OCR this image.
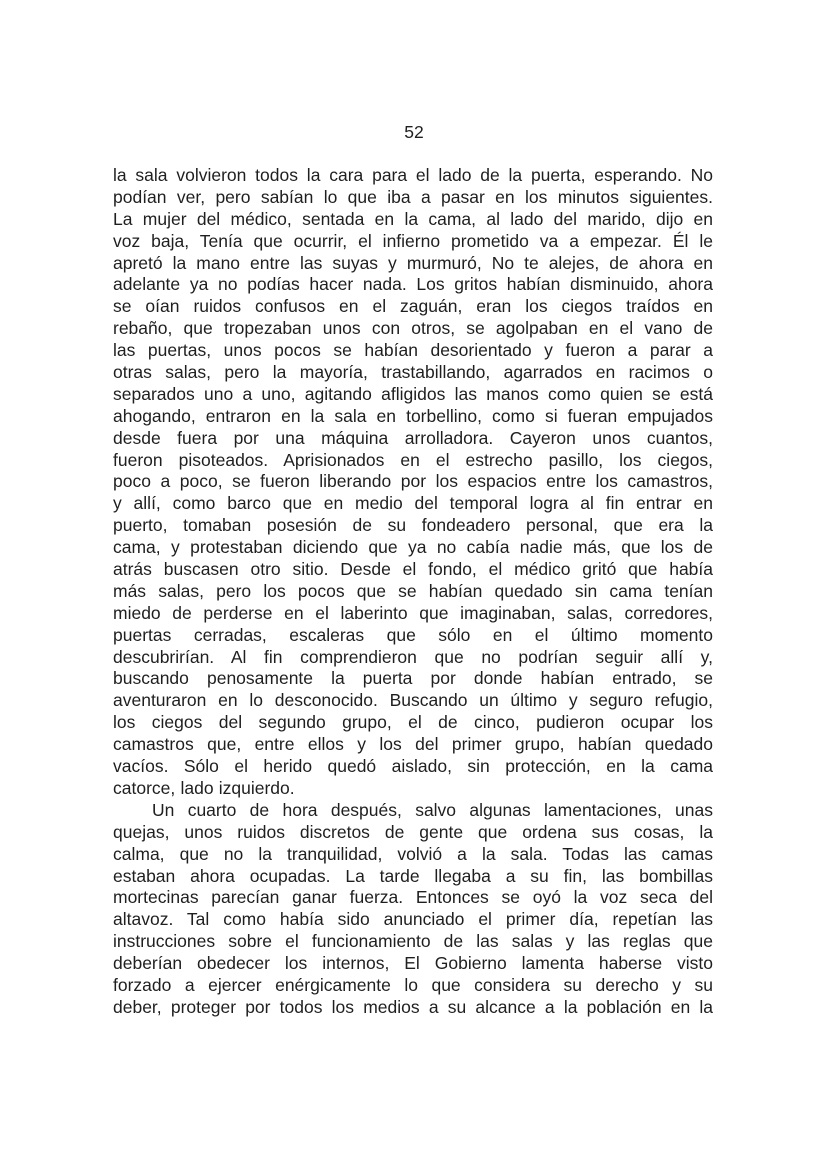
52
la sala volvieron todos la cara para el lado de la puerta, esperando. No
podían ver, pero sabían lo que iba a pasar en los minutos siguientes.
La mujer del médico, sentada en la cama, al lado del marido, dijo en
voz baja, Tenía que ocurrir, el infierno prometido va a empezar. Él le
apretó la mano entre las suyas y murmuró, No te alejes, de ahora en
adelante ya no podías hacer nada. Los gritos habían disminuido, ahora
se oían ruidos confusos en el zaguán, eran los ciegos traídos en
rebaño, que tropezaban unos con otros, se agolpaban en el vano de
las puertas, unos pocos se habían desorientado y fueron a parar a
otras salas, pero la mayoría, trastabillando, agarrados en racimos o
separados uno a uno, agitando afligidos las manos como quien se está
ahogando, entraron en la sala en torbellino, como si fueran empujados
desde fuera por una máquina arrolladora. Cayeron unos cuantos,
fueron pisoteados. Aprisionados en el estrecho pasillo, los ciegos,
poco a poco, se fueron liberando por los espacios entre los camastros,
y allí, como barco que en medio del temporal logra al fin entrar en
puerto, tomaban posesión de su fondeadero personal, que era la
cama, y protestaban diciendo que ya no cabía nadie más, que los de
atrás buscasen otro sitio. Desde el fondo, el médico gritó que había
más salas, pero los pocos que se habían quedado sin cama tenían
miedo de perderse en el laberinto que imaginaban, salas, corredores,
puertas cerradas, escaleras que sólo en el último momento
descubrirían. Al fin comprendieron que no podrían seguir allí y,
buscando penosamente la puerta por donde habían entrado, se
aventuraron en lo desconocido. Buscando un último y seguro refugio,
los ciegos del segundo grupo, el de cinco, pudieron ocupar los
camastros que, entre ellos y los del primer grupo, habían quedado
vacíos. Sólo el herido quedó aislado, sin protección, en la cama
catorce, lado izquierdo.
Un cuarto de hora después, salvo algunas lamentaciones, unas
quejas, unos ruidos discretos de gente que ordena sus cosas, la
calma, que no la tranquilidad, volvió a la sala. Todas las camas
estaban ahora ocupadas. La tarde llegaba a su fin, las bombillas
mortecinas parecían ganar fuerza. Entonces se oyó la voz seca del
altavoz. Tal como había sido anunciado el primer día, repetían las
instrucciones sobre el funcionamiento de las salas y las reglas que
deberían obedecer los internos, El Gobierno lamenta haberse visto
forzado a ejercer enérgicamente lo que considera su derecho y su
deber, proteger por todos los medios a su alcance a la población en la
